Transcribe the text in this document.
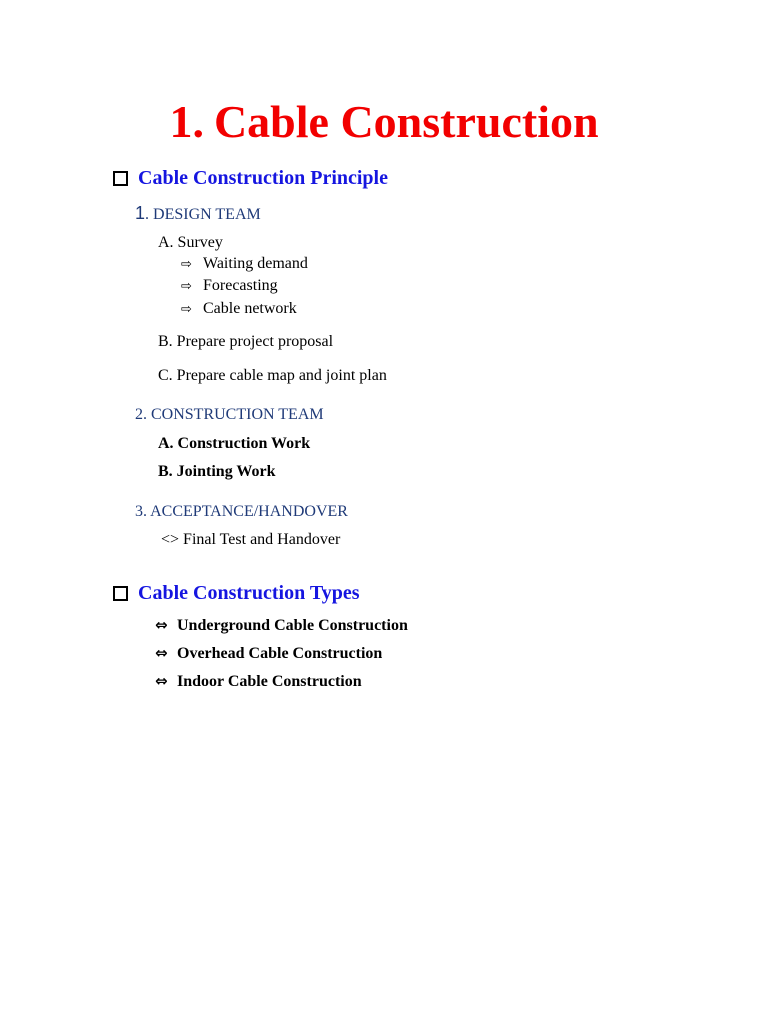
1. Cable Construction
Cable Construction Principle
1. DESIGN TEAM
A. Survey
⇨ Waiting demand
⇨ Forecasting
⇨ Cable network
B. Prepare project proposal
C. Prepare cable map and joint plan
2. CONSTRUCTION TEAM
A. Construction Work
B. Jointing Work
3. ACCEPTANCE/HANDOVER
<> Final Test and Handover
Cable Construction Types
⇔ Underground Cable Construction
⇔ Overhead Cable Construction
⇔ Indoor Cable Construction
